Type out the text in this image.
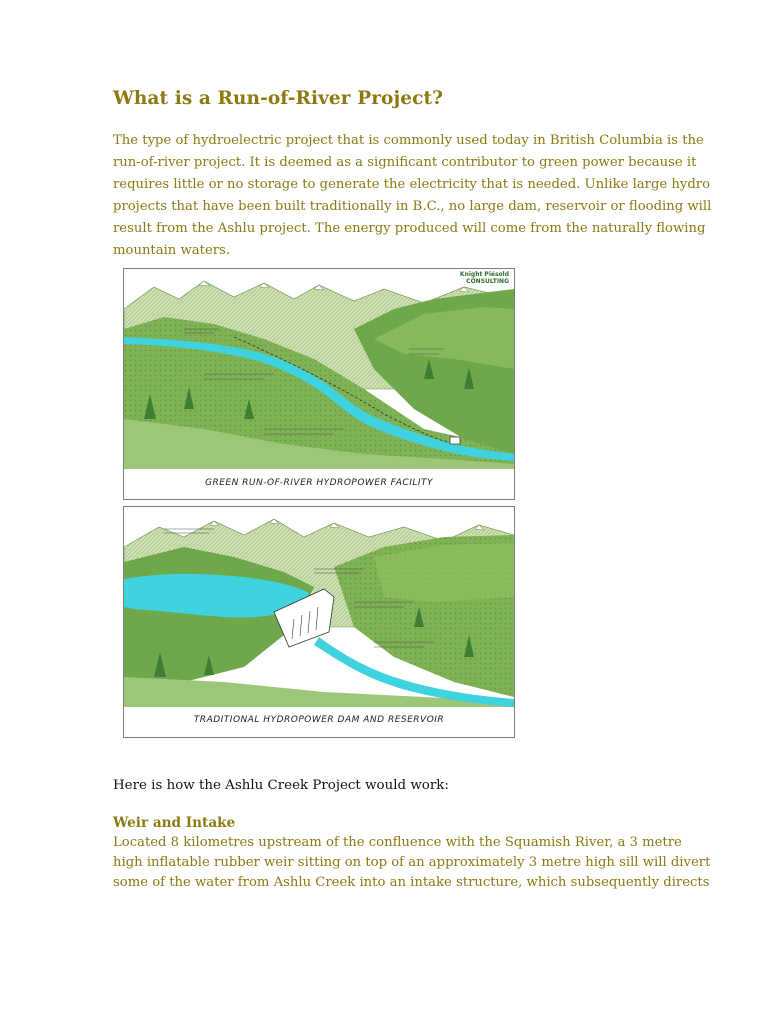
What is a Run-of-River Project?
The type of hydroelectric project that is commonly used today in British Columbia is the
run-of-river project. It is deemed as a significant contributor to green power because it
requires little or no storage to generate the electricity that is needed. Unlike large hydro
projects that have been built traditionally in B.C., no large dam, reservoir or flooding will
result from the Ashlu project. The energy produced will come from the naturally flowing
mountain waters.
Knight Piésold
CONSULTING
GREEN RUN-OF-RIVER HYDROPOWER FACILITY
TRADITIONAL HYDROPOWER DAM AND RESERVOIR

Here is how the Ashlu Creek Project would work:

Weir and Intake
Located 8 kilometres upstream of the confluence with the Squamish River, a 3 metre
high inflatable rubber weir sitting on top of an approximately 3 metre high sill will divert
some of the water from Ashlu Creek into an intake structure, which subsequently directs
